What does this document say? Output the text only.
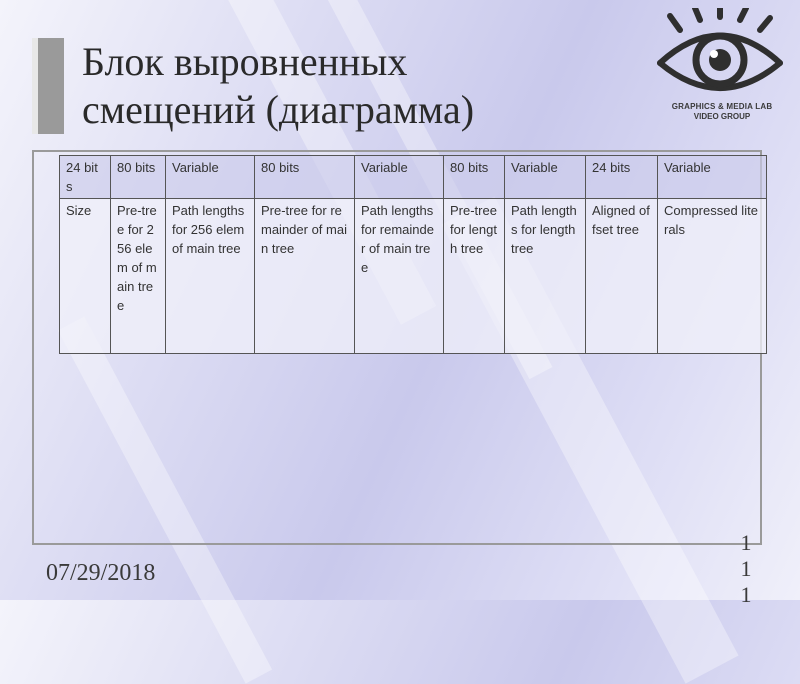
Блок выровненных
смещений (диаграмма)	GRAPHICS & MEDIA LAB
VIDEO GROUP
24 bits	80 bits	Variable	80 bits	Variable	80 bits	Variable	24 bits	Variable
Size	Pre-tree for 256 elem of main tree	Path lengths for 256 elem of main tree	Pre-tree for remainder of main tree	Path lengths for remainder of main tree	Pre-tree for length tree	Path lengths for length tree	Aligned offset tree	Compressed literals
07/29/2018
1
1
1
